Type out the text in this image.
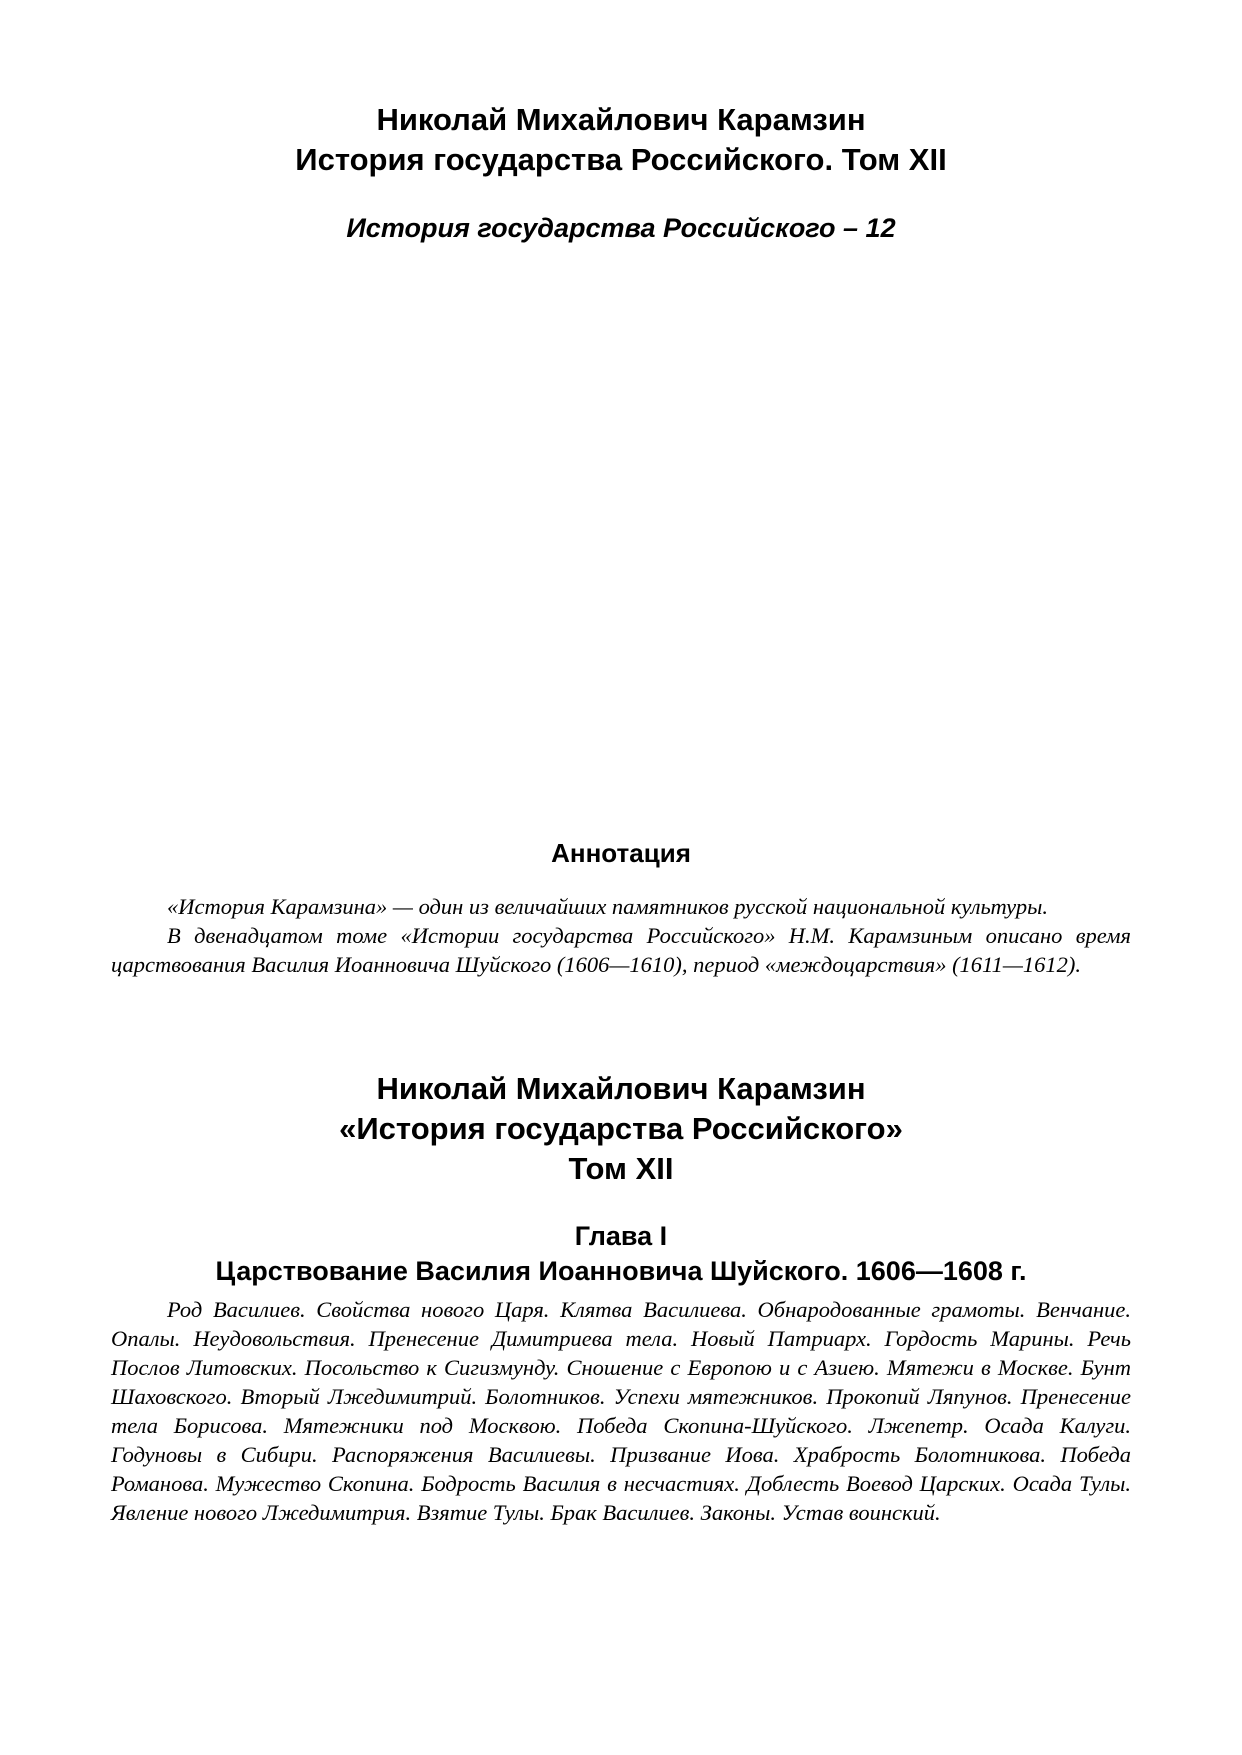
Николай Михайлович Карамзин
История государства Российского. Том XII
История государства Российского – 12
Аннотация

«История Карамзина» — один из величайших памятников русской национальной культуры.

В двенадцатом томе «Истории государства Российского» Н.М. Карамзиным описано время царствования Василия Иоанновича Шуйского (1606—1610), период «междоцарствия» (1611—1612).

Николай Михайлович Карамзин
«История государства Российского»
Том XII
Глава I
Царствование Василия Иоанновича Шуйского. 1606—1608 г.

Род Василиев. Свойства нового Царя. Клятва Василиева. Обнародованные грамоты. Венчание. Опалы. Неудовольствия. Пренесение Димитриева тела. Новый Патриарх. Гордость Марины. Речь Послов Литовских. Посольство к Сигизмунду. Сношение с Европою и с Азиею. Мятежи в Москве. Бунт Шаховского. Вторый Лжедимитрий. Болотников. Успехи мятежников. Прокопий Ляпунов. Пренесение тела Борисова. Мятежники под Москвою. Победа Скопина-Шуйского. Лжепетр. Осада Калуги. Годуновы в Сибири. Распоряжения Василиевы. Призвание Иова. Храбрость Болотникова. Победа Романова. Мужество Скопина. Бодрость Василия в несчастиях. Доблесть Воевод Царских. Осада Тулы. Явление нового Лжедимитрия. Взятие Тулы. Брак Василиев. Законы. Устав воинский.
